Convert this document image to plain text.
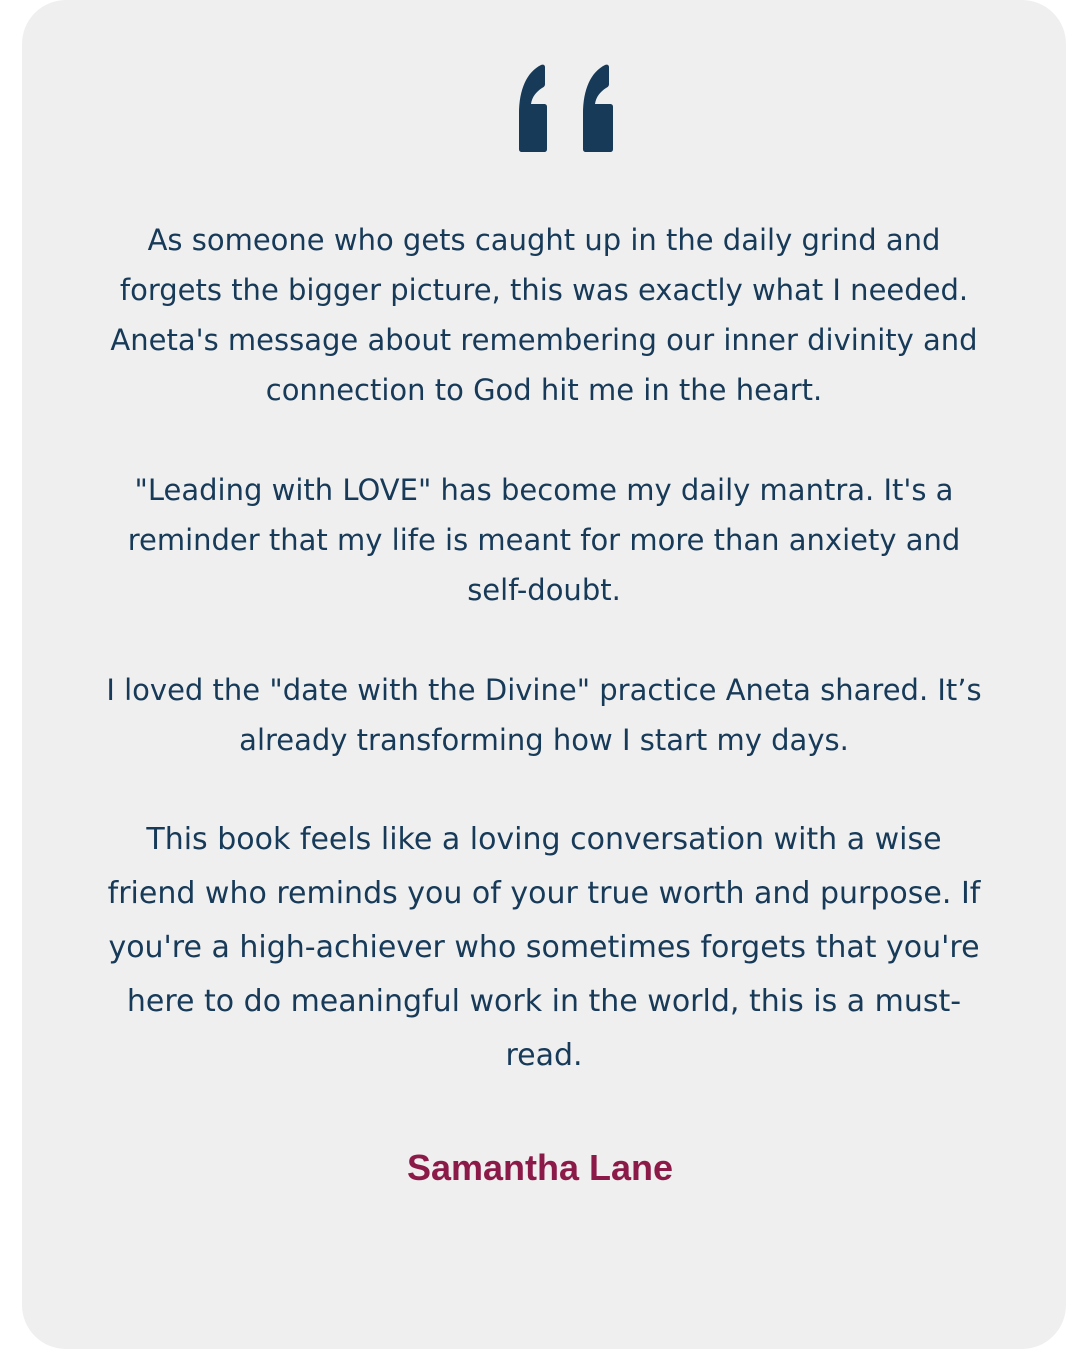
As someone who gets caught up in the daily grind and forgets the bigger picture, this was exactly what I needed. Aneta's message about remembering our inner divinity and connection to God hit me in the heart.

"Leading with LOVE" has become my daily mantra. It's a reminder that my life is meant for more than anxiety and self-doubt.

I loved the "date with the Divine" practice Aneta shared. It’s already transforming how I start my days.

This book feels like a loving conversation with a wise friend who reminds you of your true worth and purpose. If you're a high-achiever who sometimes forgets that you're here to do meaningful work in the world, this is a must-read.

Samantha Lane
